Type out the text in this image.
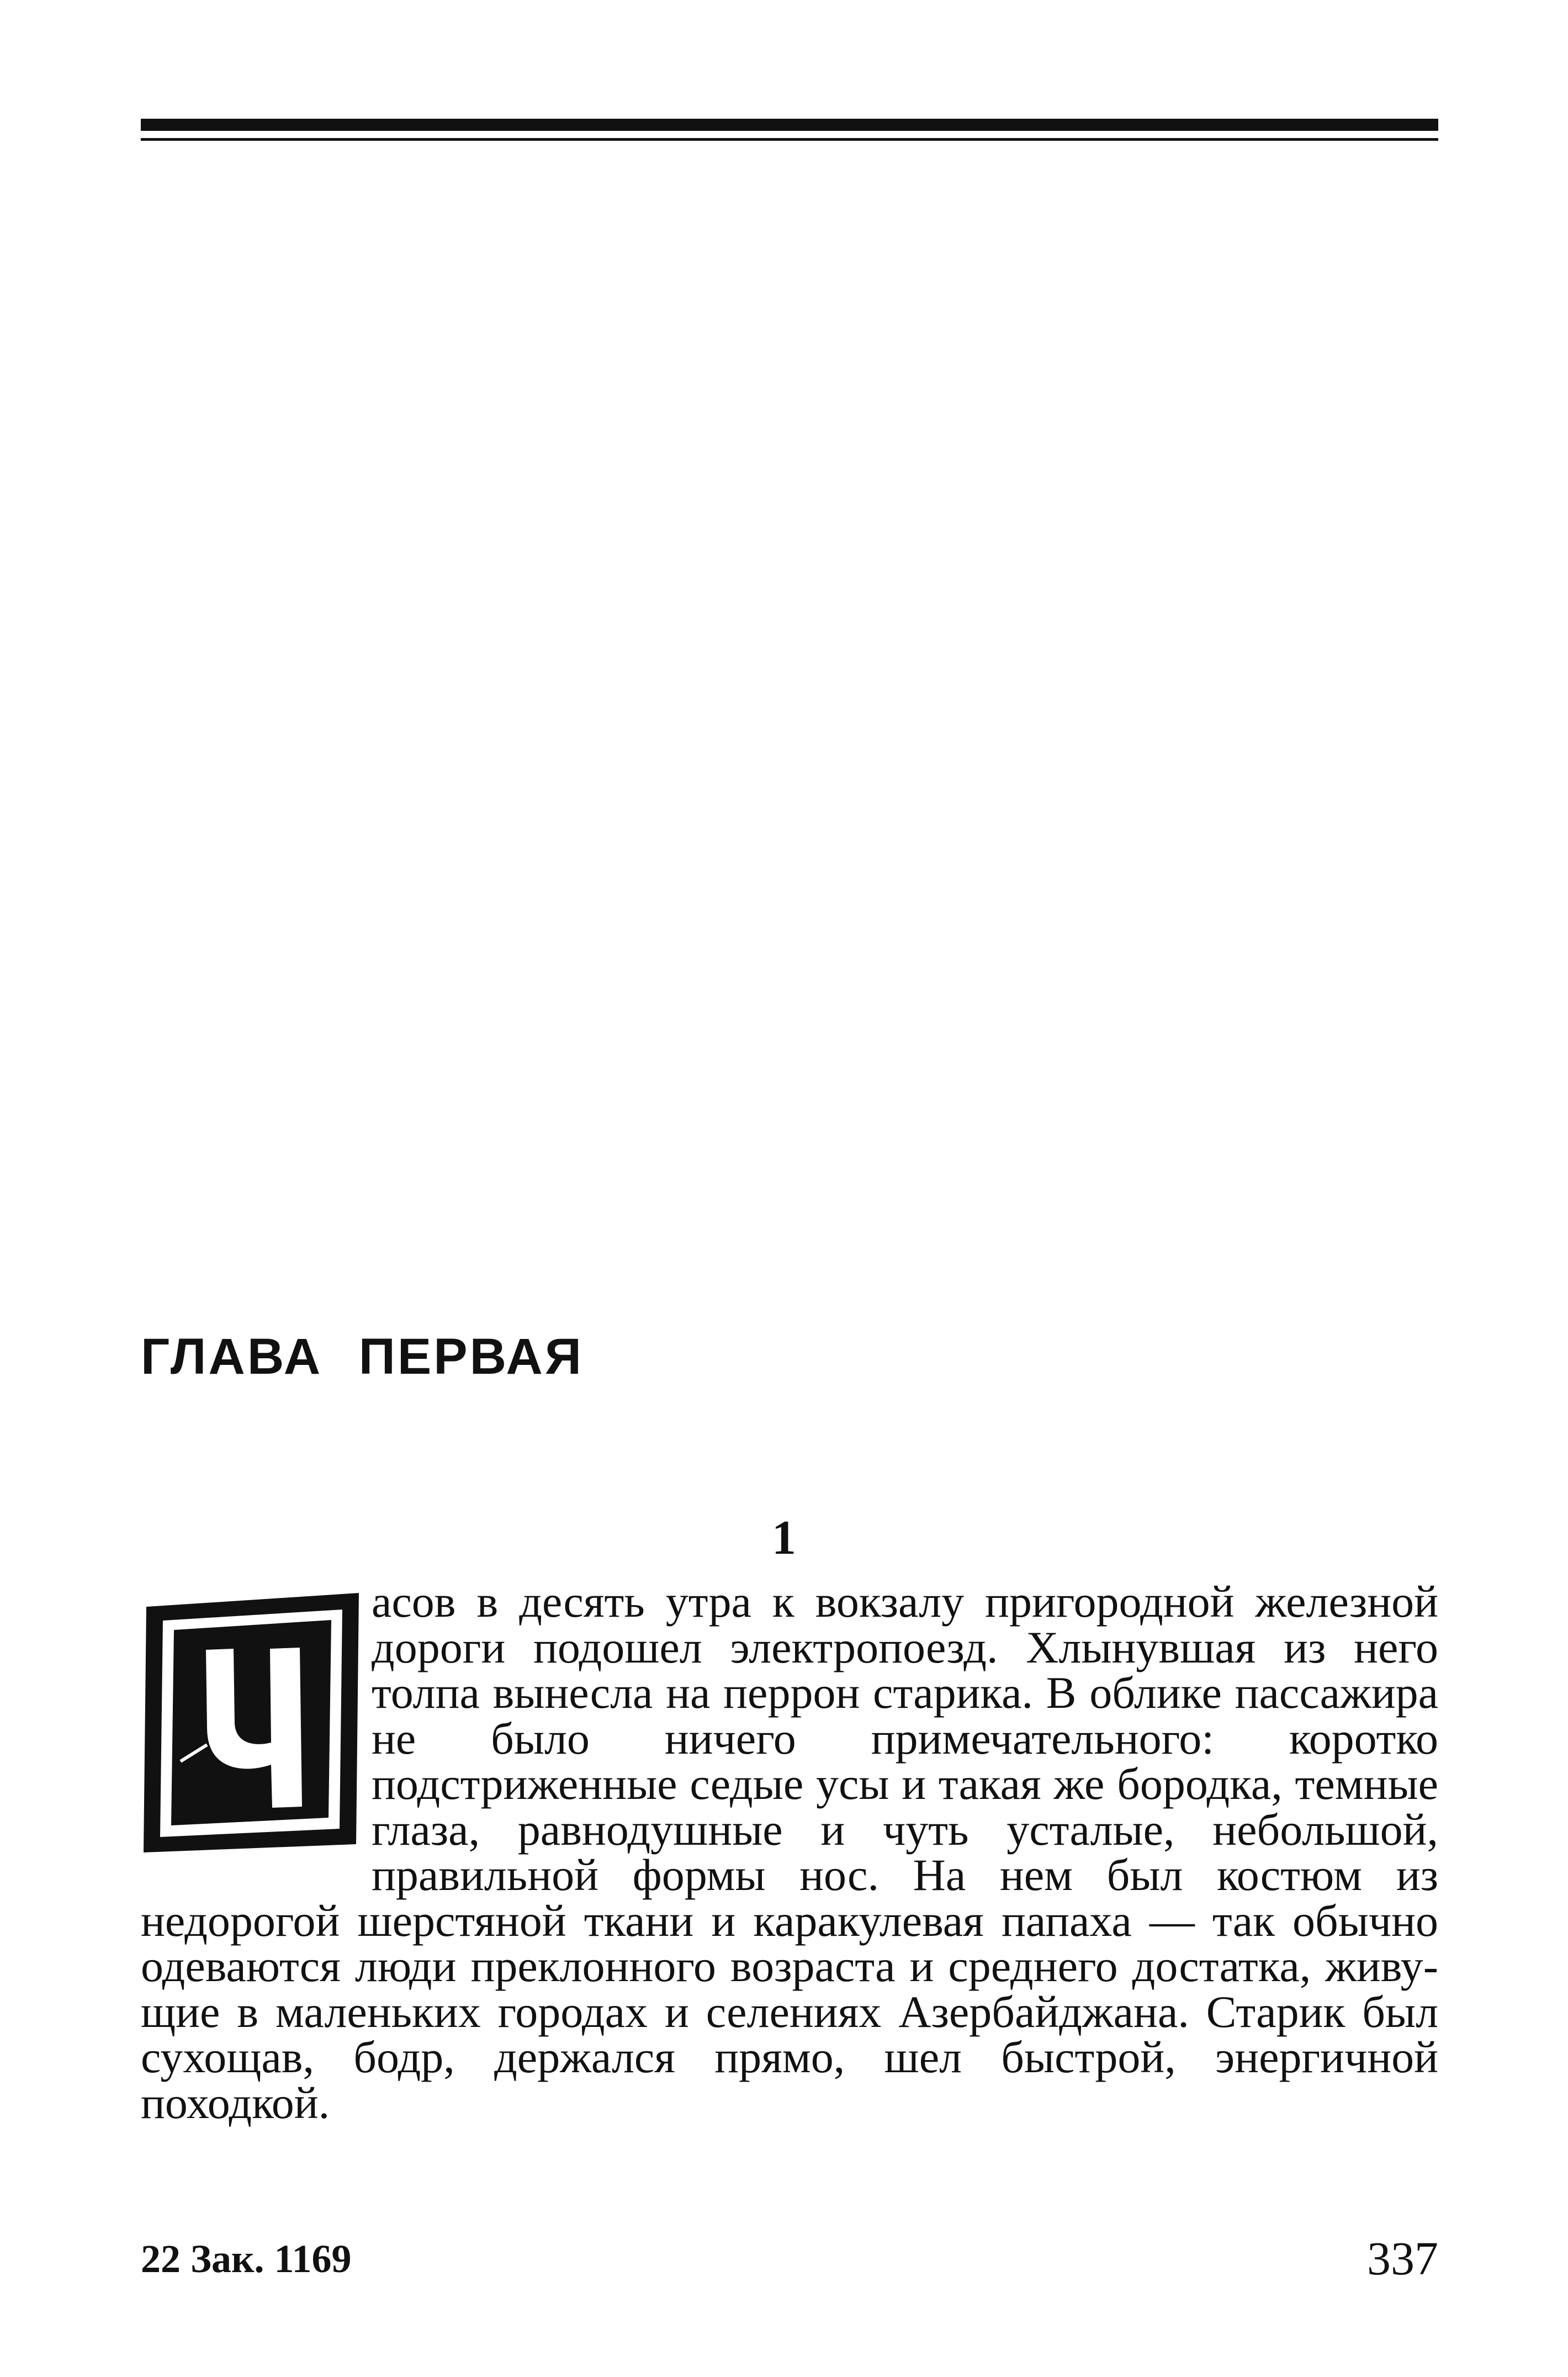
ГЛАВА ПЕРВАЯ
1
асов в десять утра к вокзалу пригородной железной дороги подошел электропоезд. Хлынувшая из него толпа вынесла на перрон старика. В облике пассажира не было ничего примечательного: коротко подстриженные седые усы и такая же бородка, темные глаза, равнодушные и чуть усталые, небольшой, правильной формы нос. На нем был костюм из недорогой шерстяной ткани и каракулевая папаха — так обычно одеваются люди преклонного возраста и среднего достатка, живущие в маленьких городах и селениях Азербайджана. Старик был сухощав, бодр, держался прямо, шел быстрой, энергичной походкой.
22 Зак. 1169	337
